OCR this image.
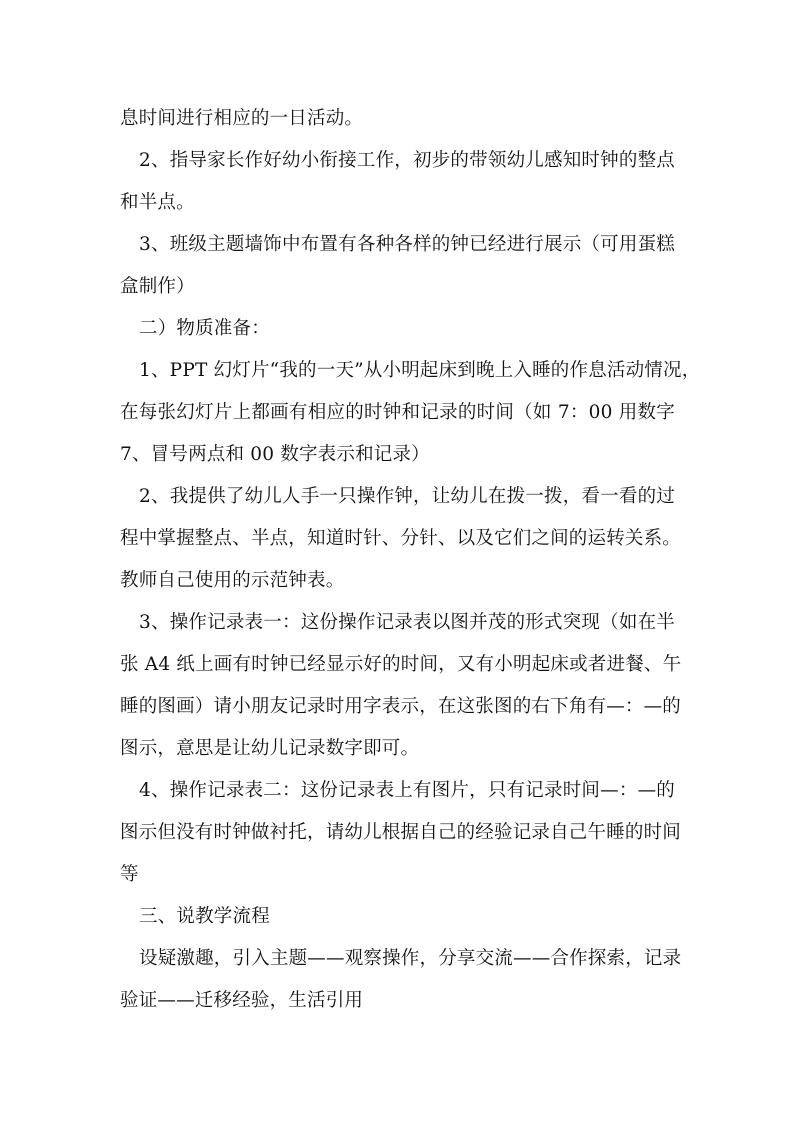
息时间进行相应的一日活动。
2、指导家长作好幼小衔接工作，初步的带领幼儿感知时钟的整点
和半点。
3、班级主题墙饰中布置有各种各样的钟已经进行展示（可用蛋糕
盒制作）
二）物质准备：
1、PPT 幻灯片“我的一天”从小明起床到晚上入睡的作息活动情况，
在每张幻灯片上都画有相应的时钟和记录的时间（如 7：00 用数字
7、冒号两点和 00 数字表示和记录）
2、我提供了幼儿人手一只操作钟，让幼儿在拨一拨，看一看的过
程中掌握整点、半点，知道时针、分针、以及它们之间的运转关系。
教师自己使用的示范钟表。
3、操作记录表一：这份操作记录表以图并茂的形式突现（如在半
张 A4 纸上画有时钟已经显示好的时间，又有小明起床或者进餐、午
睡的图画）请小朋友记录时用字表示，在这张图的右下角有—：—的
图示，意思是让幼儿记录数字即可。
4、操作记录表二：这份记录表上有图片，只有记录时间—：—的
图示但没有时钟做衬托，请幼儿根据自己的经验记录自己午睡的时间
等
三、说教学流程
设疑激趣，引入主题——观察操作，分享交流——合作探索，记录
验证——迁移经验，生活引用
